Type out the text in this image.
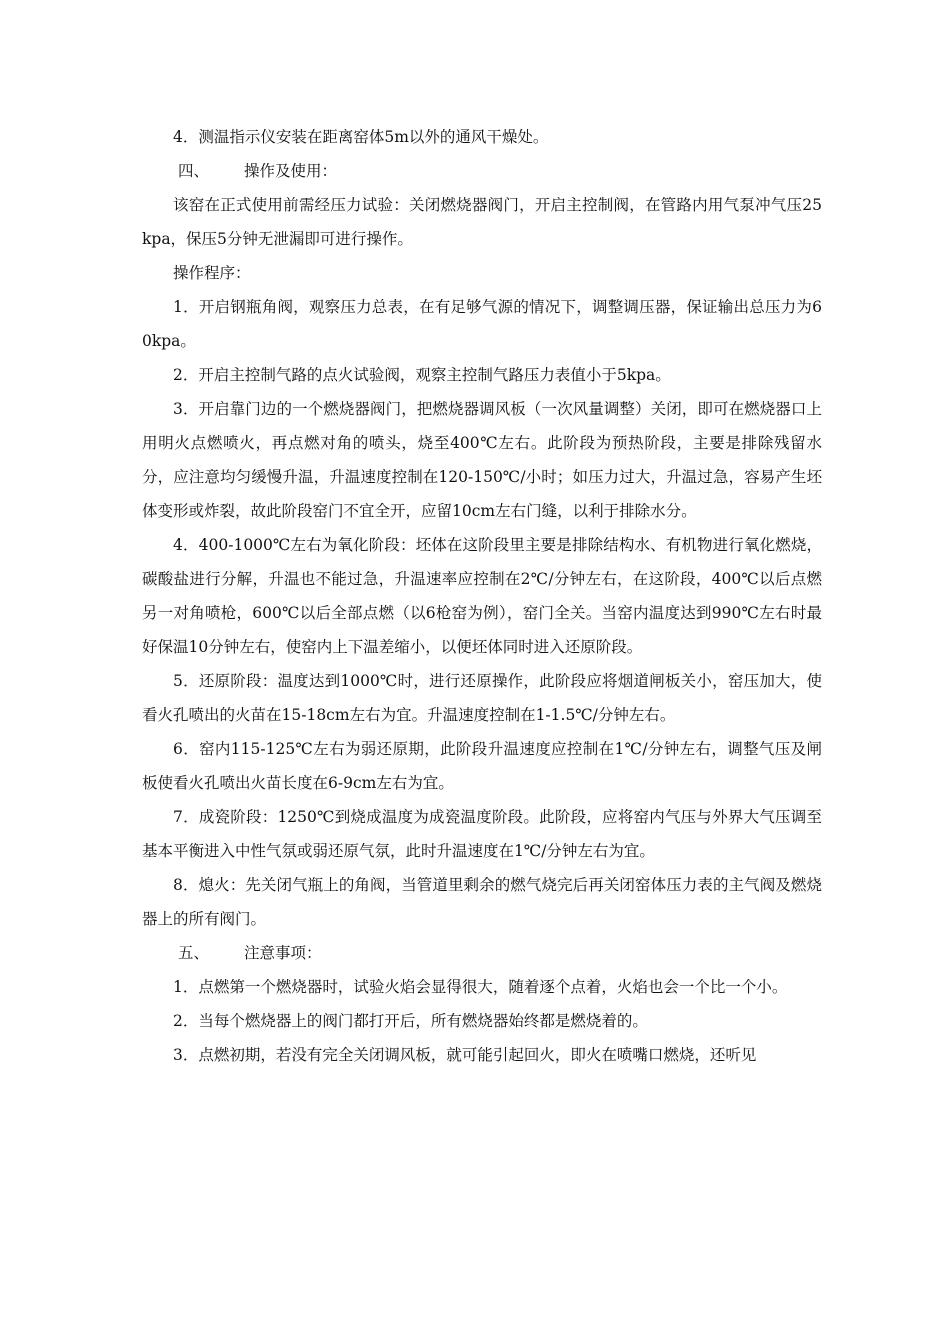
4．测温指示仪安装在距离窑体5m以外的通风干燥处。

四、 操作及使用：

该窑在正式使用前需经压力试验：关闭燃烧器阀门，开启主控制阀，在管路内用气泵冲气压25kpa，保压5分钟无泄漏即可进行操作。

操作程序：

1．开启钢瓶角阀，观察压力总表，在有足够气源的情况下，调整调压器，保证输出总压力为60kpa。

2．开启主控制气路的点火试验阀，观察主控制气路压力表值小于5kpa。

3．开启靠门边的一个燃烧器阀门，把燃烧器调风板（一次风量调整）关闭，即可在燃烧器口上用明火点燃喷火，再点燃对角的喷头，烧至400℃左右。此阶段为预热阶段，主要是排除残留水分，应注意均匀缓慢升温，升温速度控制在120-150℃/小时；如压力过大，升温过急，容易产生坯体变形或炸裂，故此阶段窑门不宜全开，应留10cm左右门缝，以利于排除水分。

4．400-1000℃左右为氧化阶段：坯体在这阶段里主要是排除结构水、有机物进行氧化燃烧，碳酸盐进行分解，升温也不能过急，升温速率应控制在2℃/分钟左右，在这阶段，400℃以后点燃另一对角喷枪，600℃以后全部点燃（以6枪窑为例），窑门全关。当窑内温度达到990℃左右时最好保温10分钟左右，使窑内上下温差缩小，以便坯体同时进入还原阶段。

5．还原阶段：温度达到1000℃时，进行还原操作，此阶段应将烟道闸板关小，窑压加大，使看火孔喷出的火苗在15-18cm左右为宜。升温速度控制在1-1.5℃/分钟左右。

6．窑内115-125℃左右为弱还原期，此阶段升温速度应控制在1℃/分钟左右，调整气压及闸板使看火孔喷出火苗长度在6-9cm左右为宜。

7．成瓷阶段：1250℃到烧成温度为成瓷温度阶段。此阶段，应将窑内气压与外界大气压调至基本平衡进入中性气氛或弱还原气氛，此时升温速度在1℃/分钟左右为宜。

8．熄火：先关闭气瓶上的角阀，当管道里剩余的燃气烧完后再关闭窑体压力表的主气阀及燃烧器上的所有阀门。

五、 注意事项：

1．点燃第一个燃烧器时，试验火焰会显得很大，随着逐个点着，火焰也会一个比一个小。

2．当每个燃烧器上的阀门都打开后，所有燃烧器始终都是燃烧着的。

3．点燃初期，若没有完全关闭调风板，就可能引起回火，即火在喷嘴口燃烧，还听见
